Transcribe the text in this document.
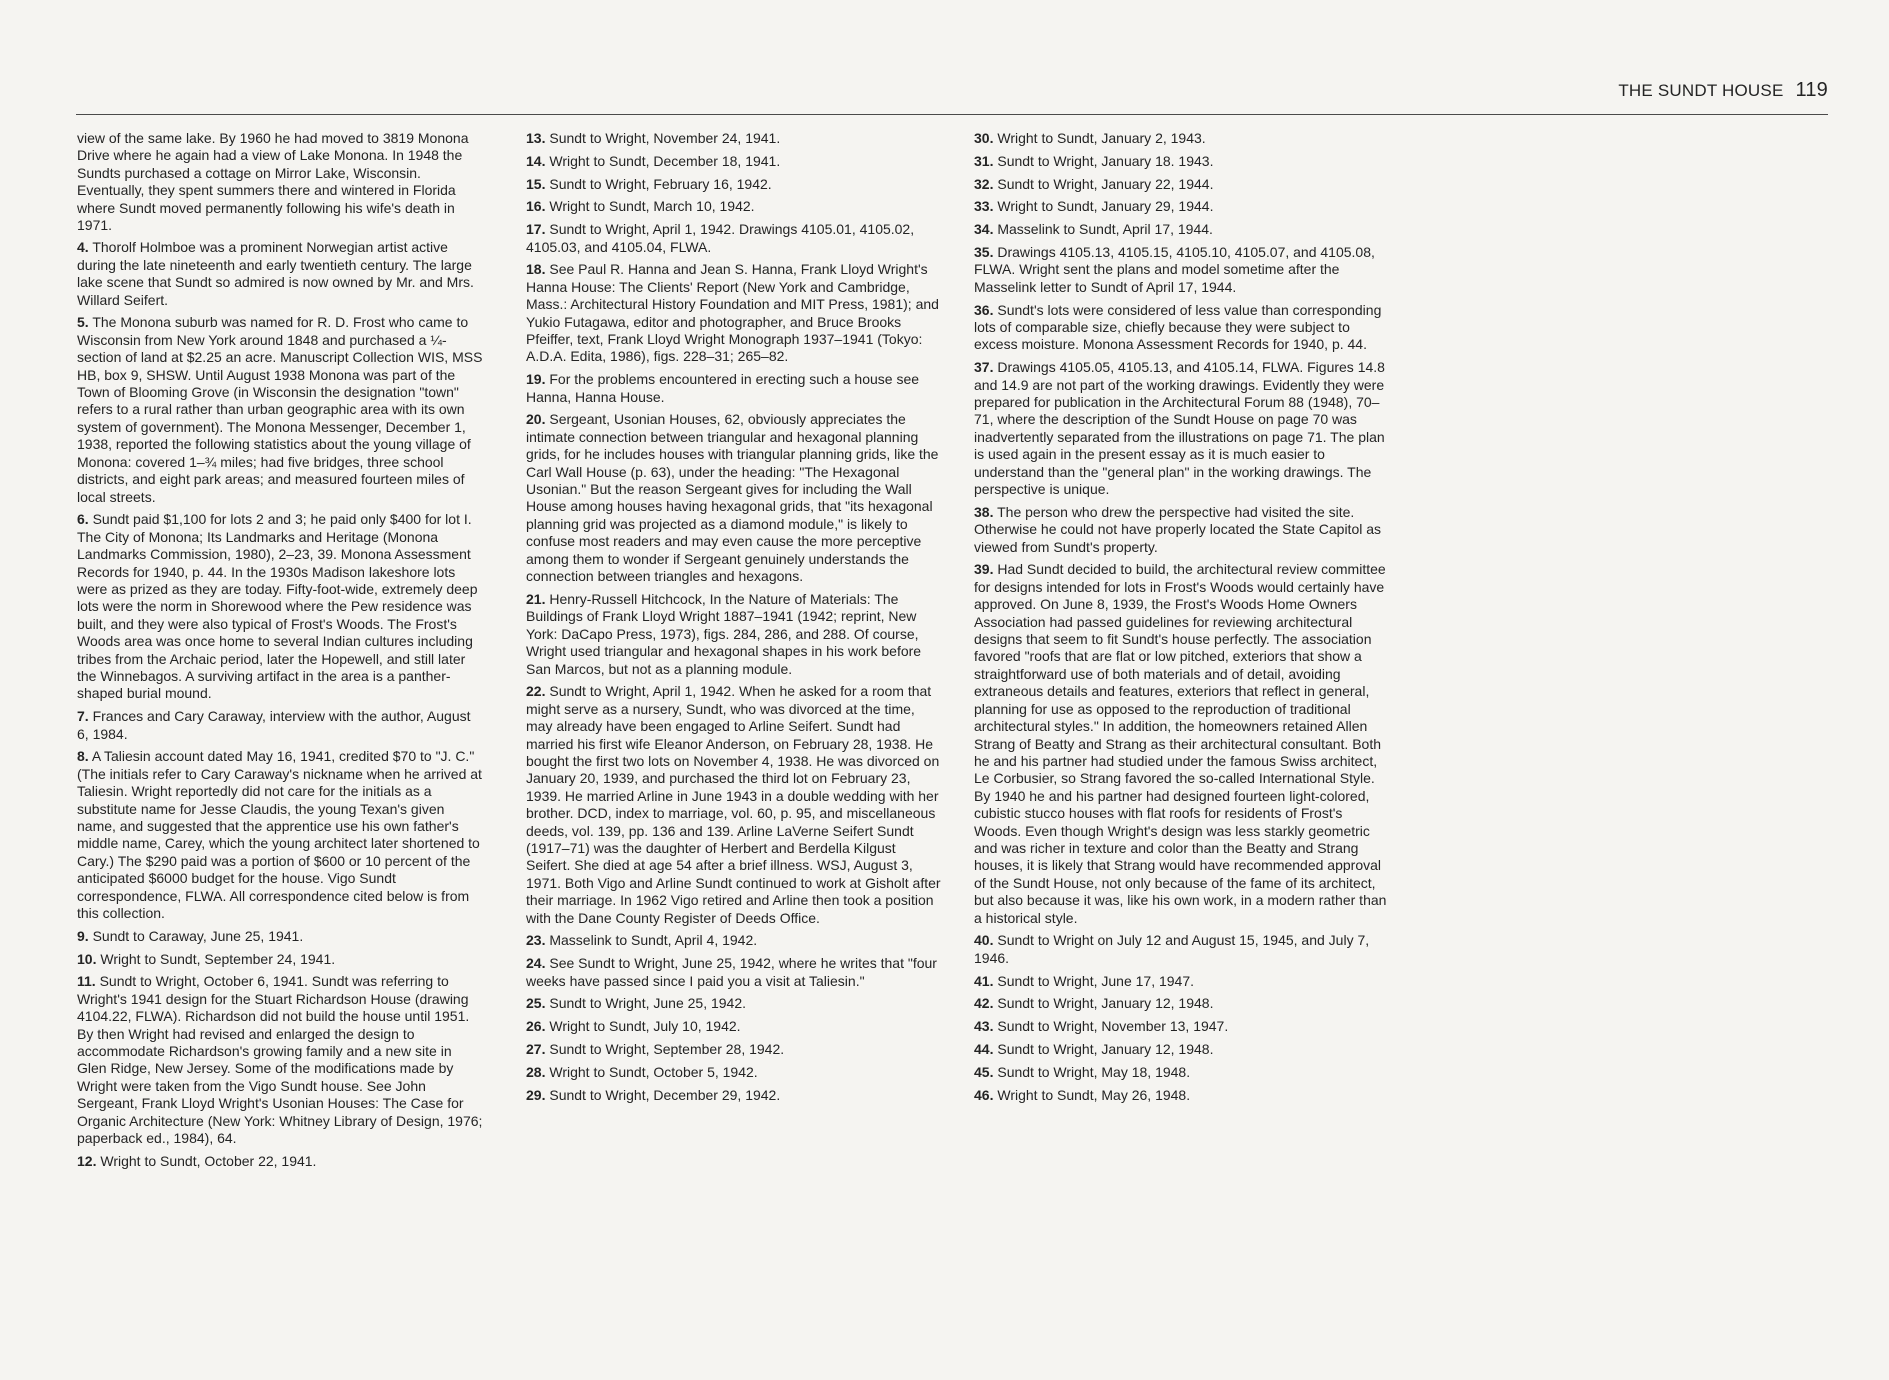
THE SUNDT HOUSE 119

view of the same lake. By 1960 he had moved to 3819 Monona Drive where he again had a view of Lake Monona. In 1948 the Sundts purchased a cottage on Mirror Lake, Wisconsin. Eventually, they spent summers there and wintered in Florida where Sundt moved permanently following his wife's death in 1971.

4. Thorolf Holmboe was a prominent Norwegian artist active during the late nineteenth and early twentieth century. The large lake scene that Sundt so admired is now owned by Mr. and Mrs. Willard Seifert.

5. The Monona suburb was named for R. D. Frost who came to Wisconsin from New York around 1848 and purchased a ¼-section of land at $2.25 an acre. Manuscript Collection WIS, MSS HB, box 9, SHSW. Until August 1938 Monona was part of the Town of Blooming Grove (in Wisconsin the designation "town" refers to a rural rather than urban geographic area with its own system of government). The Monona Messenger, December 1, 1938, reported the following statistics about the young village of Monona: covered 1–¾ miles; had five bridges, three school districts, and eight park areas; and measured fourteen miles of local streets.

6. Sundt paid $1,100 for lots 2 and 3; he paid only $400 for lot I. The City of Monona; Its Landmarks and Heritage (Monona Landmarks Commission, 1980), 2–23, 39. Monona Assessment Records for 1940, p. 44. In the 1930s Madison lakeshore lots were as prized as they are today. Fifty-foot-wide, extremely deep lots were the norm in Shorewood where the Pew residence was built, and they were also typical of Frost's Woods. The Frost's Woods area was once home to several Indian cultures including tribes from the Archaic period, later the Hopewell, and still later the Winnebagos. A surviving artifact in the area is a panther-shaped burial mound.

7. Frances and Cary Caraway, interview with the author, August 6, 1984.

8. A Taliesin account dated May 16, 1941, credited $70 to "J. C." (The initials refer to Cary Caraway's nickname when he arrived at Taliesin. Wright reportedly did not care for the initials as a substitute name for Jesse Claudis, the young Texan's given name, and suggested that the apprentice use his own father's middle name, Carey, which the young architect later shortened to Cary.) The $290 paid was a portion of $600 or 10 percent of the anticipated $6000 budget for the house. Vigo Sundt correspondence, FLWA. All correspondence cited below is from this collection.

9. Sundt to Caraway, June 25, 1941.

10. Wright to Sundt, September 24, 1941.

11. Sundt to Wright, October 6, 1941. Sundt was referring to Wright's 1941 design for the Stuart Richardson House (drawing 4104.22, FLWA). Richardson did not build the house until 1951. By then Wright had revised and enlarged the design to accommodate Richardson's growing family and a new site in Glen Ridge, New Jersey. Some of the modifications made by Wright were taken from the Vigo Sundt house. See John Sergeant, Frank Lloyd Wright's Usonian Houses: The Case for Organic Architecture (New York: Whitney Library of Design, 1976; paperback ed., 1984), 64.

12. Wright to Sundt, October 22, 1941.

13. Sundt to Wright, November 24, 1941.

14. Wright to Sundt, December 18, 1941.

15. Sundt to Wright, February 16, 1942.

16. Wright to Sundt, March 10, 1942.

17. Sundt to Wright, April 1, 1942. Drawings 4105.01, 4105.02, 4105.03, and 4105.04, FLWA.

18. See Paul R. Hanna and Jean S. Hanna, Frank Lloyd Wright's Hanna House: The Clients' Report (New York and Cambridge, Mass.: Architectural History Foundation and MIT Press, 1981); and Yukio Futagawa, editor and photographer, and Bruce Brooks Pfeiffer, text, Frank Lloyd Wright Monograph 1937–1941 (Tokyo: A.D.A. Edita, 1986), figs. 228–31; 265–82.

19. For the problems encountered in erecting such a house see Hanna, Hanna House.

20. Sergeant, Usonian Houses, 62, obviously appreciates the intimate connection between triangular and hexagonal planning grids, for he includes houses with triangular planning grids, like the Carl Wall House (p. 63), under the heading: "The Hexagonal Usonian." But the reason Sergeant gives for including the Wall House among houses having hexagonal grids, that "its hexagonal planning grid was projected as a diamond module," is likely to confuse most readers and may even cause the more perceptive among them to wonder if Sergeant genuinely understands the connection between triangles and hexagons.

21. Henry-Russell Hitchcock, In the Nature of Materials: The Buildings of Frank Lloyd Wright 1887–1941 (1942; reprint, New York: DaCapo Press, 1973), figs. 284, 286, and 288. Of course, Wright used triangular and hexagonal shapes in his work before San Marcos, but not as a planning module.

22. Sundt to Wright, April 1, 1942. When he asked for a room that might serve as a nursery, Sundt, who was divorced at the time, may already have been engaged to Arline Seifert. Sundt had married his first wife Eleanor Anderson, on February 28, 1938. He bought the first two lots on November 4, 1938. He was divorced on January 20, 1939, and purchased the third lot on February 23, 1939. He married Arline in June 1943 in a double wedding with her brother. DCD, index to marriage, vol. 60, p. 95, and miscellaneous deeds, vol. 139, pp. 136 and 139. Arline LaVerne Seifert Sundt (1917–71) was the daughter of Herbert and Berdella Kilgust Seifert. She died at age 54 after a brief illness. WSJ, August 3, 1971. Both Vigo and Arline Sundt continued to work at Gisholt after their marriage. In 1962 Vigo retired and Arline then took a position with the Dane County Register of Deeds Office.

23. Masselink to Sundt, April 4, 1942.

24. See Sundt to Wright, June 25, 1942, where he writes that "four weeks have passed since I paid you a visit at Taliesin."

25. Sundt to Wright, June 25, 1942.

26. Wright to Sundt, July 10, 1942.

27. Sundt to Wright, September 28, 1942.

28. Wright to Sundt, October 5, 1942.

29. Sundt to Wright, December 29, 1942.

30. Wright to Sundt, January 2, 1943.

31. Sundt to Wright, January 18. 1943.

32. Sundt to Wright, January 22, 1944.

33. Wright to Sundt, January 29, 1944.

34. Masselink to Sundt, April 17, 1944.

35. Drawings 4105.13, 4105.15, 4105.10, 4105.07, and 4105.08, FLWA. Wright sent the plans and model sometime after the Masselink letter to Sundt of April 17, 1944.

36. Sundt's lots were considered of less value than corresponding lots of comparable size, chiefly because they were subject to excess moisture. Monona Assessment Records for 1940, p. 44.

37. Drawings 4105.05, 4105.13, and 4105.14, FLWA. Figures 14.8 and 14.9 are not part of the working drawings. Evidently they were prepared for publication in the Architectural Forum 88 (1948), 70–71, where the description of the Sundt House on page 70 was inadvertently separated from the illustrations on page 71. The plan is used again in the present essay as it is much easier to understand than the "general plan" in the working drawings. The perspective is unique.

38. The person who drew the perspective had visited the site. Otherwise he could not have properly located the State Capitol as viewed from Sundt's property.

39. Had Sundt decided to build, the architectural review committee for designs intended for lots in Frost's Woods would certainly have approved. On June 8, 1939, the Frost's Woods Home Owners Association had passed guidelines for reviewing architectural designs that seem to fit Sundt's house perfectly. The association favored "roofs that are flat or low pitched, exteriors that show a straightforward use of both materials and of detail, avoiding extraneous details and features, exteriors that reflect in general, planning for use as opposed to the reproduction of traditional architectural styles." In addition, the homeowners retained Allen Strang of Beatty and Strang as their architectural consultant. Both he and his partner had studied under the famous Swiss architect, Le Corbusier, so Strang favored the so-called International Style. By 1940 he and his partner had designed fourteen light-colored, cubistic stucco houses with flat roofs for residents of Frost's Woods. Even though Wright's design was less starkly geometric and was richer in texture and color than the Beatty and Strang houses, it is likely that Strang would have recommended approval of the Sundt House, not only because of the fame of its architect, but also because it was, like his own work, in a modern rather than a historical style.

40. Sundt to Wright on July 12 and August 15, 1945, and July 7, 1946.

41. Sundt to Wright, June 17, 1947.

42. Sundt to Wright, January 12, 1948.

43. Sundt to Wright, November 13, 1947.

44. Sundt to Wright, January 12, 1948.

45. Sundt to Wright, May 18, 1948.

46. Wright to Sundt, May 26, 1948.
